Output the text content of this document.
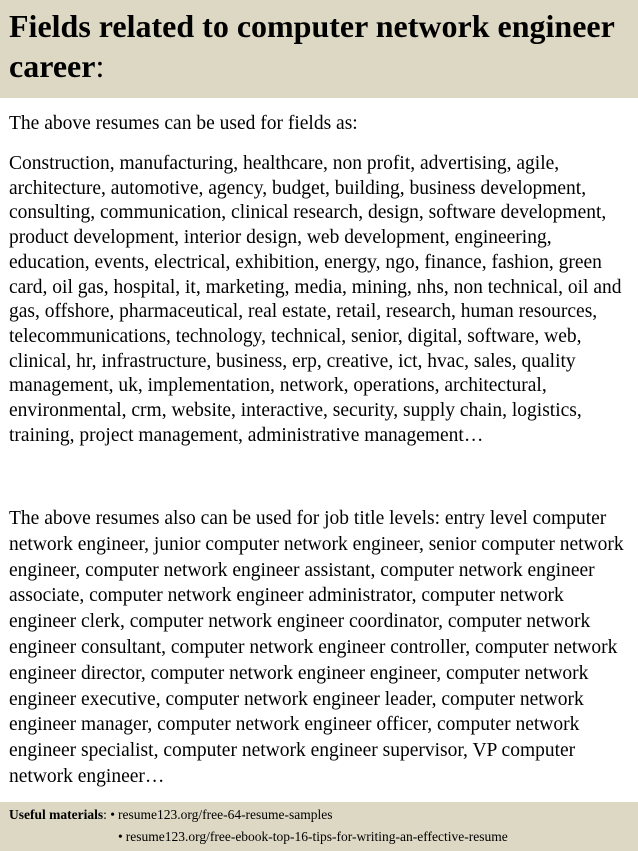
Fields related to computer network engineer career:

The above resumes can be used for fields as:

Construction, manufacturing, healthcare, non profit, advertising, agile, architecture, automotive, agency, budget, building, business development, consulting, communication, clinical research, design, software development, product development, interior design, web development, engineering, education, events, electrical, exhibition, energy, ngo, finance, fashion, green card, oil gas, hospital, it, marketing, media, mining, nhs, non technical, oil and gas, offshore, pharmaceutical, real estate, retail, research, human resources, telecommunications, technology, technical, senior, digital, software, web, clinical, hr, infrastructure, business, erp, creative, ict, hvac, sales, quality management, uk, implementation, network, operations, architectural, environmental, crm, website, interactive, security, supply chain, logistics, training, project management, administrative management…

The above resumes also can be used for job title levels: entry level computer network engineer, junior computer network engineer, senior computer network engineer, computer network engineer assistant, computer network engineer associate, computer network engineer administrator, computer network engineer clerk, computer network engineer coordinator, computer network engineer consultant, computer network engineer controller, computer network engineer director, computer network engineer engineer, computer network engineer executive, computer network engineer leader, computer network engineer manager, computer network engineer officer, computer network engineer specialist, computer network engineer supervisor, VP computer network engineer…

Useful materials: • resume123.org/free-64-resume-samples
• resume123.org/free-ebook-top-16-tips-for-writing-an-effective-resume
